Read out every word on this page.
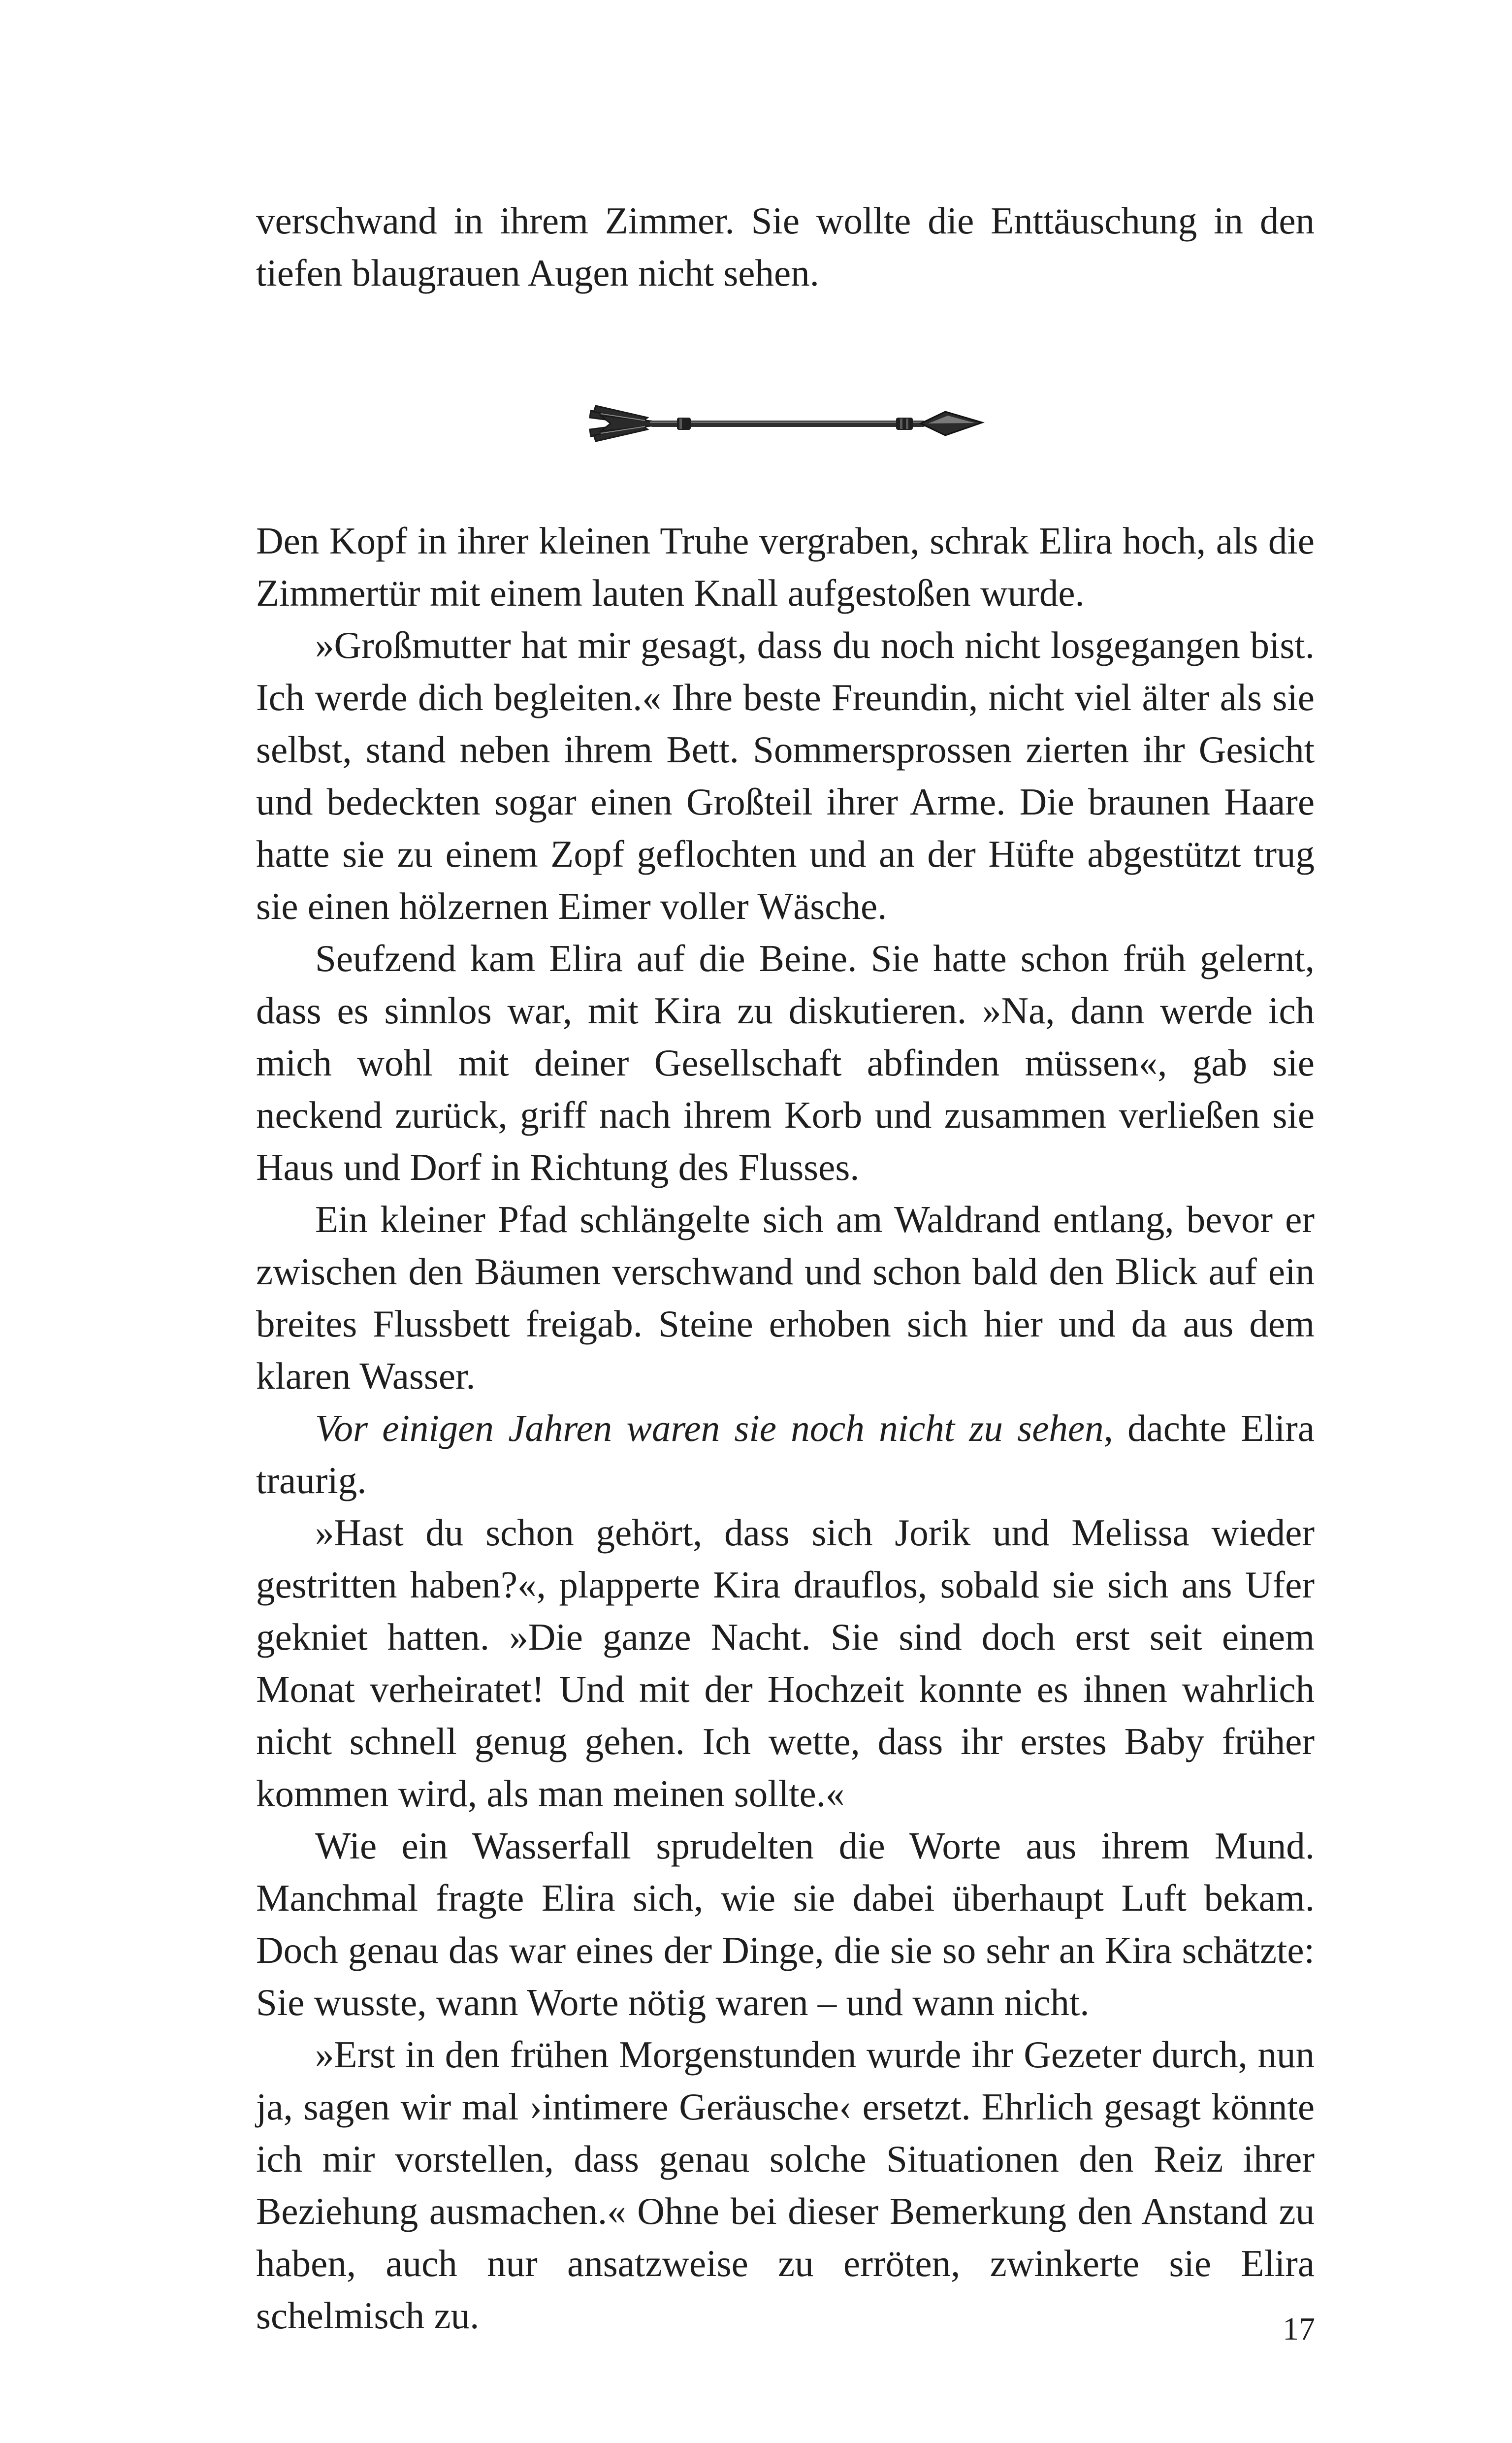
verschwand in ihrem Zimmer. Sie wollte die Enttäuschung in den tiefen blaugrauen Augen nicht sehen.

Den Kopf in ihrer kleinen Truhe vergraben, schrak Elira hoch, als die Zimmertür mit einem lauten Knall aufgestoßen wurde.

»Großmutter hat mir gesagt, dass du noch nicht losgegangen bist. Ich werde dich begleiten.« Ihre beste Freundin, nicht viel älter als sie selbst, stand neben ihrem Bett. Sommersprossen zierten ihr Gesicht und bedeckten sogar einen Großteil ihrer Arme. Die braunen Haare hatte sie zu einem Zopf geflochten und an der Hüfte abgestützt trug sie einen hölzernen Eimer voller Wäsche.

Seufzend kam Elira auf die Beine. Sie hatte schon früh gelernt, dass es sinnlos war, mit Kira zu diskutieren. »Na, dann werde ich mich wohl mit deiner Gesellschaft abfinden müssen«, gab sie neckend zurück, griff nach ihrem Korb und zusammen verließen sie Haus und Dorf in Richtung des Flusses.

Ein kleiner Pfad schlängelte sich am Waldrand entlang, bevor er zwischen den Bäumen verschwand und schon bald den Blick auf ein breites Flussbett freigab. Steine erhoben sich hier und da aus dem klaren Wasser.

Vor einigen Jahren waren sie noch nicht zu sehen, dachte Elira traurig.

»Hast du schon gehört, dass sich Jorik und Melissa wieder gestritten haben?«, plapperte Kira drauflos, sobald sie sich ans Ufer gekniet hatten. »Die ganze Nacht. Sie sind doch erst seit einem Monat verheiratet! Und mit der Hochzeit konnte es ihnen wahrlich nicht schnell genug gehen. Ich wette, dass ihr erstes Baby früher kommen wird, als man meinen sollte.«

Wie ein Wasserfall sprudelten die Worte aus ihrem Mund. Manchmal fragte Elira sich, wie sie dabei überhaupt Luft bekam. Doch genau das war eines der Dinge, die sie so sehr an Kira schätzte: Sie wusste, wann Worte nötig waren – und wann nicht.

»Erst in den frühen Morgenstunden wurde ihr Gezeter durch, nun ja, sagen wir mal ›intimere Geräusche‹ ersetzt. Ehrlich gesagt könnte ich mir vorstellen, dass genau solche Situationen den Reiz ihrer Beziehung ausmachen.« Ohne bei dieser Bemerkung den Anstand zu haben, auch nur ansatzweise zu erröten, zwinkerte sie Elira schelmisch zu.	17
